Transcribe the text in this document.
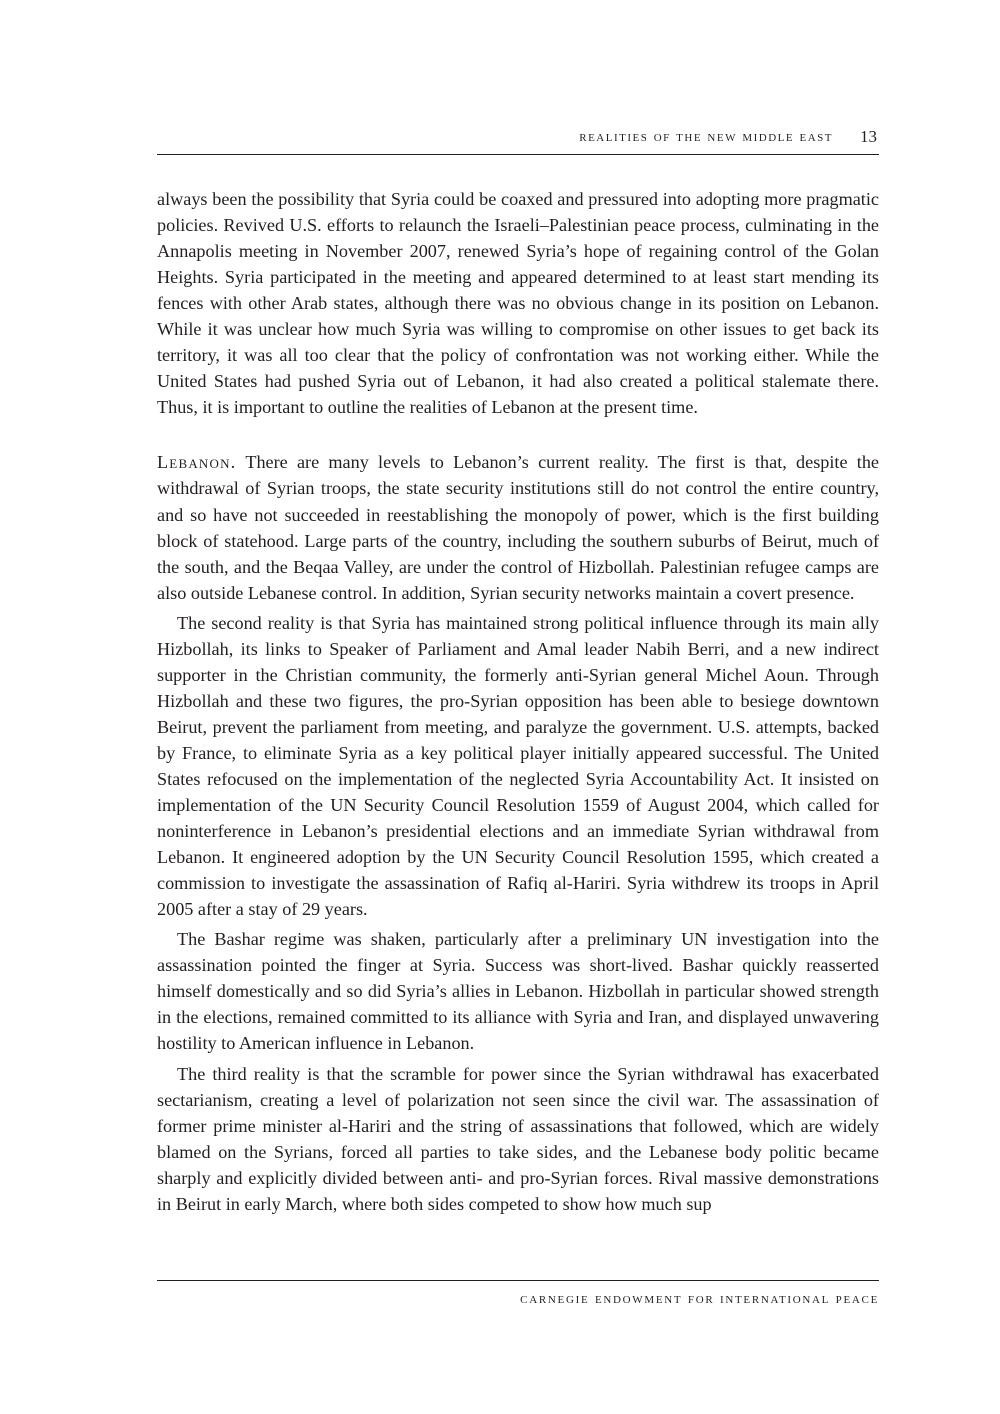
realities of the new middle east 13

always been the possibility that Syria could be coaxed and pressured into adopting more pragmatic policies. Revived U.S. efforts to relaunch the Israeli–Palestinian peace process, culminating in the Annapolis meeting in November 2007, renewed Syria’s hope of regaining control of the Golan Heights. Syria participated in the meeting and appeared determined to at least start mending its fences with other Arab states, although there was no obvious change in its position on Lebanon. While it was unclear how much Syria was willing to compromise on other issues to get back its territory, it was all too clear that the policy of confrontation was not working either. While the United States had pushed Syria out of Lebanon, it had also created a political stalemate there. Thus, it is important to outline the realities of Lebanon at the present time.

Lebanon. There are many levels to Lebanon’s current reality. The first is that, despite the withdrawal of Syrian troops, the state security institutions still do not control the entire country, and so have not succeeded in reestablishing the monopoly of power, which is the first building block of statehood. Large parts of the country, including the southern suburbs of Beirut, much of the south, and the Beqaa Valley, are under the control of Hizbollah. Palestinian refugee camps are also outside Lebanese control. In addition, Syrian security networks maintain a covert presence.

The second reality is that Syria has maintained strong political influence through its main ally Hizbollah, its links to Speaker of Parliament and Amal leader Nabih Berri, and a new indirect supporter in the Christian community, the formerly anti-Syrian general Michel Aoun. Through Hizbollah and these two figures, the pro-Syrian opposition has been able to besiege downtown Beirut, prevent the parliament from meeting, and paralyze the government. U.S. attempts, backed by France, to eliminate Syria as a key political player initially appeared successful. The United States refocused on the implementation of the neglected Syria Accountability Act. It insisted on implementation of the UN Security Council Resolution 1559 of August 2004, which called for noninterference in Lebanon’s presidential elections and an immediate Syrian withdrawal from Lebanon. It engineered adoption by the UN Security Council Resolution 1595, which created a commission to investigate the assassination of Rafiq al-Hariri. Syria withdrew its troops in April 2005 after a stay of 29 years.

The Bashar regime was shaken, particularly after a preliminary UN investigation into the assassination pointed the finger at Syria. Success was short-lived. Bashar quickly reasserted himself domestically and so did Syria’s allies in Lebanon. Hizbollah in particular showed strength in the elections, remained committed to its alliance with Syria and Iran, and displayed unwavering hostility to American influence in Lebanon.

The third reality is that the scramble for power since the Syrian withdrawal has exacerbated sectarianism, creating a level of polarization not seen since the civil war. The assassination of former prime minister al-Hariri and the string of assassinations that followed, which are widely blamed on the Syrians, forced all parties to take sides, and the Lebanese body politic became sharply and explicitly divided between anti- and pro-Syrian forces. Rival massive demonstrations in Beirut in early March, where both sides competed to show how much sup

carnegie endowment for international peace
